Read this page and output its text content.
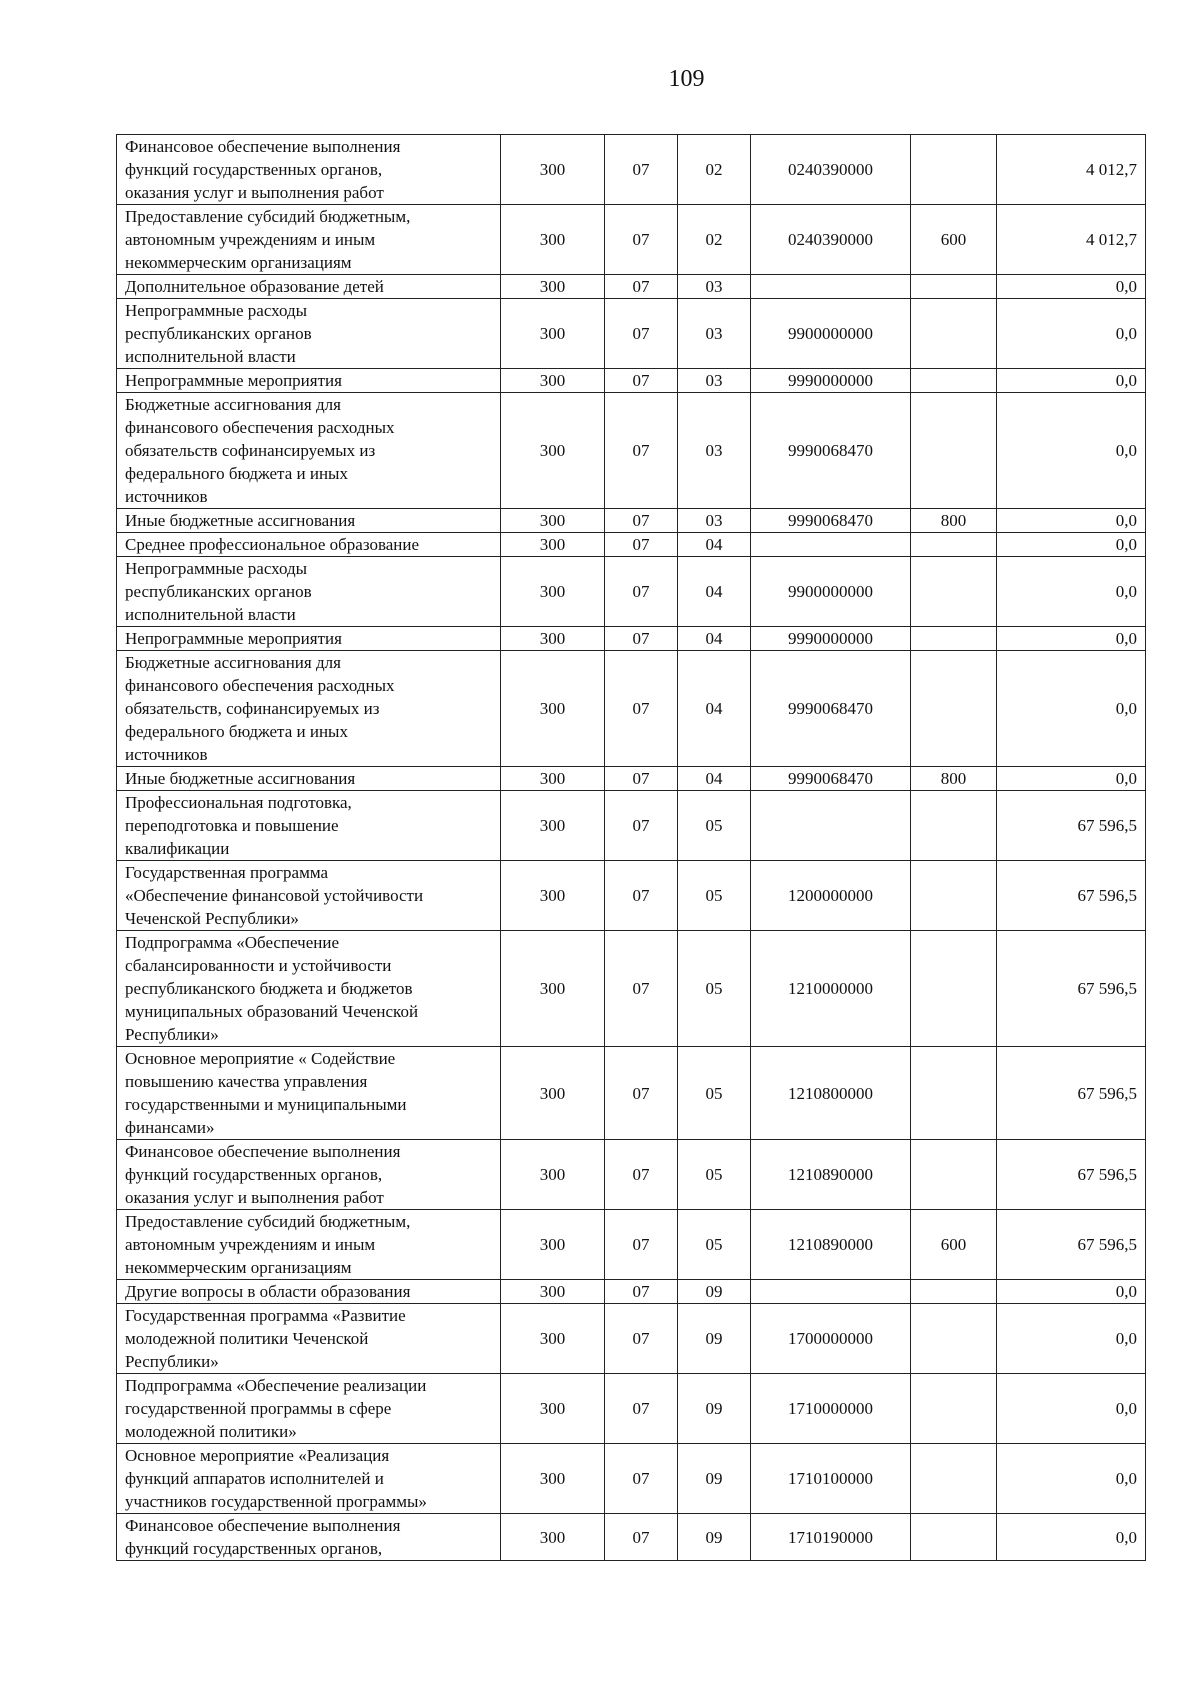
109
Финансовое обеспечение выполнения
функций государственных органов,
оказания услуг и выполнения работ	300	07	02	0240390000		4 012,7
Предоставление субсидий бюджетным,
автономным учреждениям и иным
некоммерческим организациям	300	07	02	0240390000	600	4 012,7
Дополнительное образование детей	300	07	03			0,0
Непрограммные расходы
республиканских органов
исполнительной власти	300	07	03	9900000000		0,0
Непрограммные мероприятия	300	07	03	9990000000		0,0
Бюджетные ассигнования для
финансового обеспечения расходных
обязательств софинансируемых из
федерального бюджета и иных
источников	300	07	03	9990068470		0,0
Иные бюджетные ассигнования	300	07	03	9990068470	800	0,0
Среднее профессиональное образование	300	07	04			0,0
Непрограммные расходы
республиканских органов
исполнительной власти	300	07	04	9900000000		0,0
Непрограммные мероприятия	300	07	04	9990000000		0,0
Бюджетные ассигнования для
финансового обеспечения расходных
обязательств, софинансируемых из
федерального бюджета и иных
источников	300	07	04	9990068470		0,0
Иные бюджетные ассигнования	300	07	04	9990068470	800	0,0
Профессиональная подготовка,
переподготовка и повышение
квалификации	300	07	05			67 596,5
Государственная программа
«Обеспечение финансовой устойчивости
Чеченской Республики»	300	07	05	1200000000		67 596,5
Подпрограмма «Обеспечение
сбалансированности и устойчивости
республиканского бюджета и бюджетов
муниципальных образований Чеченской
Республики»	300	07	05	1210000000		67 596,5
Основное мероприятие « Содействие
повышению качества управления
государственными и муниципальными
финансами»	300	07	05	1210800000		67 596,5
Финансовое обеспечение выполнения
функций государственных органов,
оказания услуг и выполнения работ	300	07	05	1210890000		67 596,5
Предоставление субсидий бюджетным,
автономным учреждениям и иным
некоммерческим организациям	300	07	05	1210890000	600	67 596,5
Другие вопросы в области образования	300	07	09			0,0
Государственная программа «Развитие
молодежной политики Чеченской
Республики»	300	07	09	1700000000		0,0
Подпрограмма «Обеспечение реализации
государственной программы в сфере
молодежной политики»	300	07	09	1710000000		0,0
Основное мероприятие «Реализация
функций аппаратов исполнителей и
участников государственной программы»	300	07	09	1710100000		0,0
Финансовое обеспечение выполнения
функций государственных органов,	300	07	09	1710190000		0,0
